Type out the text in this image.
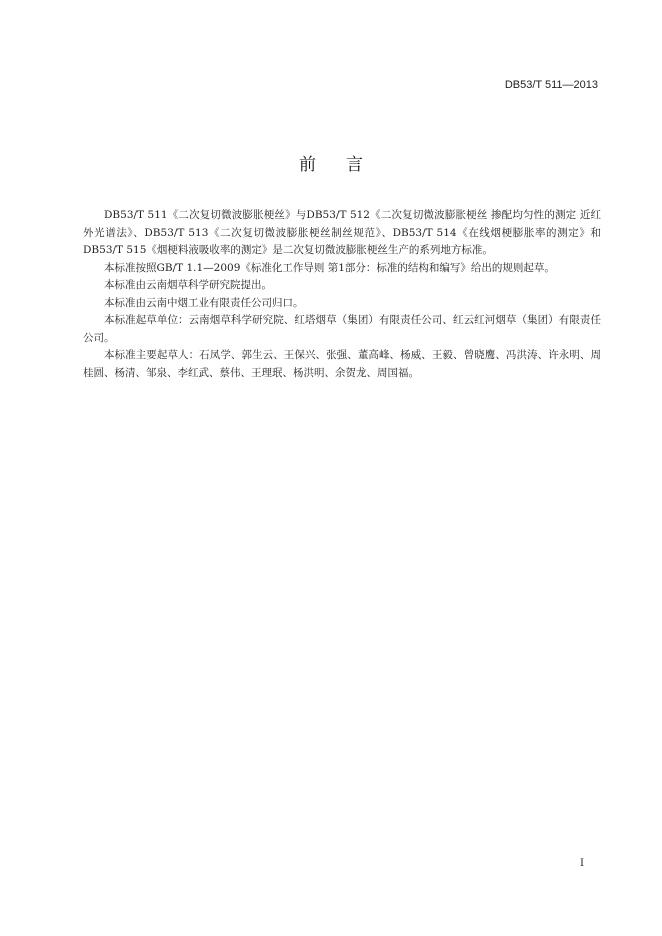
DB53/T 511—2013
前言

DB53/T 511《二次复切微波膨胀梗丝》与DB53/T 512《二次复切微波膨胀梗丝 掺配均匀性的测定 近红外光谱法》、DB53/T 513《二次复切微波膨胀梗丝制丝规范》、DB53/T 514《在线烟梗膨胀率的测定》和DB53/T 515《烟梗料液吸收率的测定》是二次复切微波膨胀梗丝生产的系列地方标准。

本标准按照GB/T 1.1—2009《标准化工作导则 第1部分：标准的结构和编写》给出的规则起草。

本标准由云南烟草科学研究院提出。

本标准由云南中烟工业有限责任公司归口。

本标准起草单位：云南烟草科学研究院、红塔烟草（集团）有限责任公司、红云红河烟草（集团）有限责任公司。

本标准主要起草人：石凤学、郭生云、王保兴、张强、董高峰、杨威、王毅、曾晓鹰、冯洪涛、许永明、周桂圆、杨清、邹泉、李红武、蔡伟、王理珉、杨洪明、余贺龙、周国福。

I
